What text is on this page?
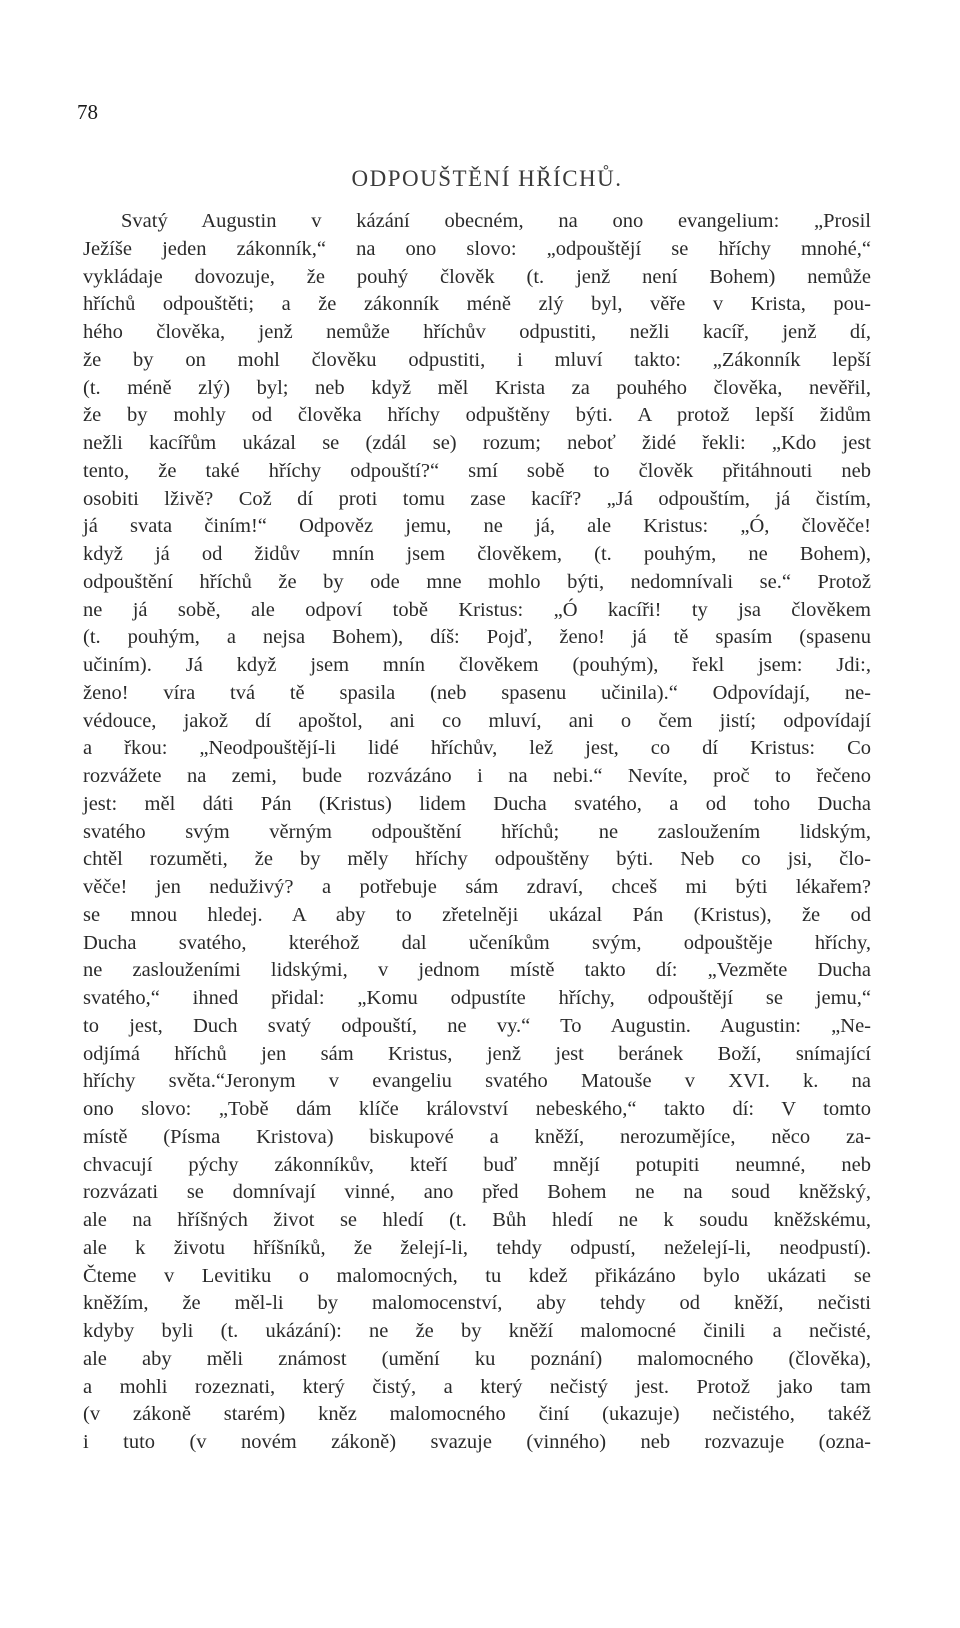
78
ODPOUŠTĚNÍ HŘÍCHŮ.
Svatý Augustin v kázání obecném, na ono evangelium: „Prosil
Ježíše jeden zákonník,“ na ono slovo: „odpouštějí se hříchy mnohé,“
vykládaje dovozuje, že pouhý člověk (t. jenž není Bohem) nemůže
hříchů odpouštěti; a že zákonník méně zlý byl, věře v Krista, pou-
hého člověka, jenž nemůže hříchův odpustiti, nežli kacíř, jenž dí,
že by on mohl člověku odpustiti, i mluví takto: „Zákonník lepší
(t. méně zlý) byl; neb když měl Krista za pouhého člověka, nevěřil,
že by mohly od člověka hříchy odpuštěny býti. A protož lepší židům
nežli kacířům ukázal se (zdál se) rozum; neboť židé řekli: „Kdo jest
tento, že také hříchy odpouští?“ smí sobě to člověk přitáhnouti neb
osobiti lživě? Což dí proti tomu zase kacíř? „Já odpouštím, já čistím,
já svata činím!“ Odpověz jemu, ne já, ale Kristus: „Ó, člověče!
když já od židův mnín jsem člověkem, (t. pouhým, ne Bohem),
odpouštění hříchů že by ode mne mohlo býti, nedomnívali se.“ Protož
ne já sobě, ale odpoví tobě Kristus: „Ó kacíři! ty jsa člověkem
(t. pouhým, a nejsa Bohem), díš: Pojď, ženo! já tě spasím (spasenu
učiním). Já když jsem mnín člověkem (pouhým), řekl jsem: Jdi:,
ženo! víra tvá tě spasila (neb spasenu učinila).“ Odpovídají, ne-
védouce, jakož dí apoštol, ani co mluví, ani o čem jistí; odpovídají
a řkou: „Neodpouštějí-li lidé hříchův, lež jest, co dí Kristus: Co
rozvážete na zemi, bude rozvázáno i na nebi.“ Nevíte, proč to řečeno
jest: měl dáti Pán (Kristus) lidem Ducha svatého, a od toho Ducha
svatého svým věrným odpouštění hříchů; ne zasloužením lidským,
chtěl rozuměti, že by měly hříchy odpouštěny býti. Neb co jsi, člo-
věče! jen neduživý? a potřebuje sám zdraví, chceš mi býti lékařem?
se mnou hledej. A aby to zřetelněji ukázal Pán (Kristus), že od
Ducha svatého, kteréhož dal učeníkům svým, odpouštěje hříchy,
ne zaslouženími lidskými, v jednom místě takto dí: „Vezměte Ducha
svatého,“ ihned přidal: „Komu odpustíte hříchy, odpouštějí se jemu,“
to jest, Duch svatý odpouští, ne vy.“ To Augustin. Augustin: „Ne-
odjímá hříchů jen sám Kristus, jenž jest beránek Boží, snímající
hříchy světa.“Jeronym v evangeliu svatého Matouše v XVI. k. na
ono slovo: „Tobě dám klíče království nebeského,“ takto dí: V tomto
místě (Písma Kristova) biskupové a kněží, nerozumějíce, něco za-
chvacují pýchy zákonníkův, kteří buď mnějí potupiti neumné, neb
rozvázati se domnívají vinné, ano před Bohem ne na soud kněžský,
ale na hříšných život se hledí (t. Bůh hledí ne k soudu kněžskému,
ale k životu hříšníků, že želejí-li, tehdy odpustí, neželejí-li, neodpustí).
Čteme v Levitiku o malomocných, tu kdež přikázáno bylo ukázati se
kněžím, že měl-li by malomocenství, aby tehdy od kněží, nečisti
kdyby byli (t. ukázání): ne že by kněží malomocné činili a nečisté,
ale aby měli známost (umění ku poznání) malomocného (člověka),
a mohli rozeznati, který čistý, a který nečistý jest. Protož jako tam
(v zákoně starém) kněz malomocného činí (ukazuje) nečistého, takéž
i tuto (v novém zákoně) svazuje (vinného) neb rozvazuje (ozna-
